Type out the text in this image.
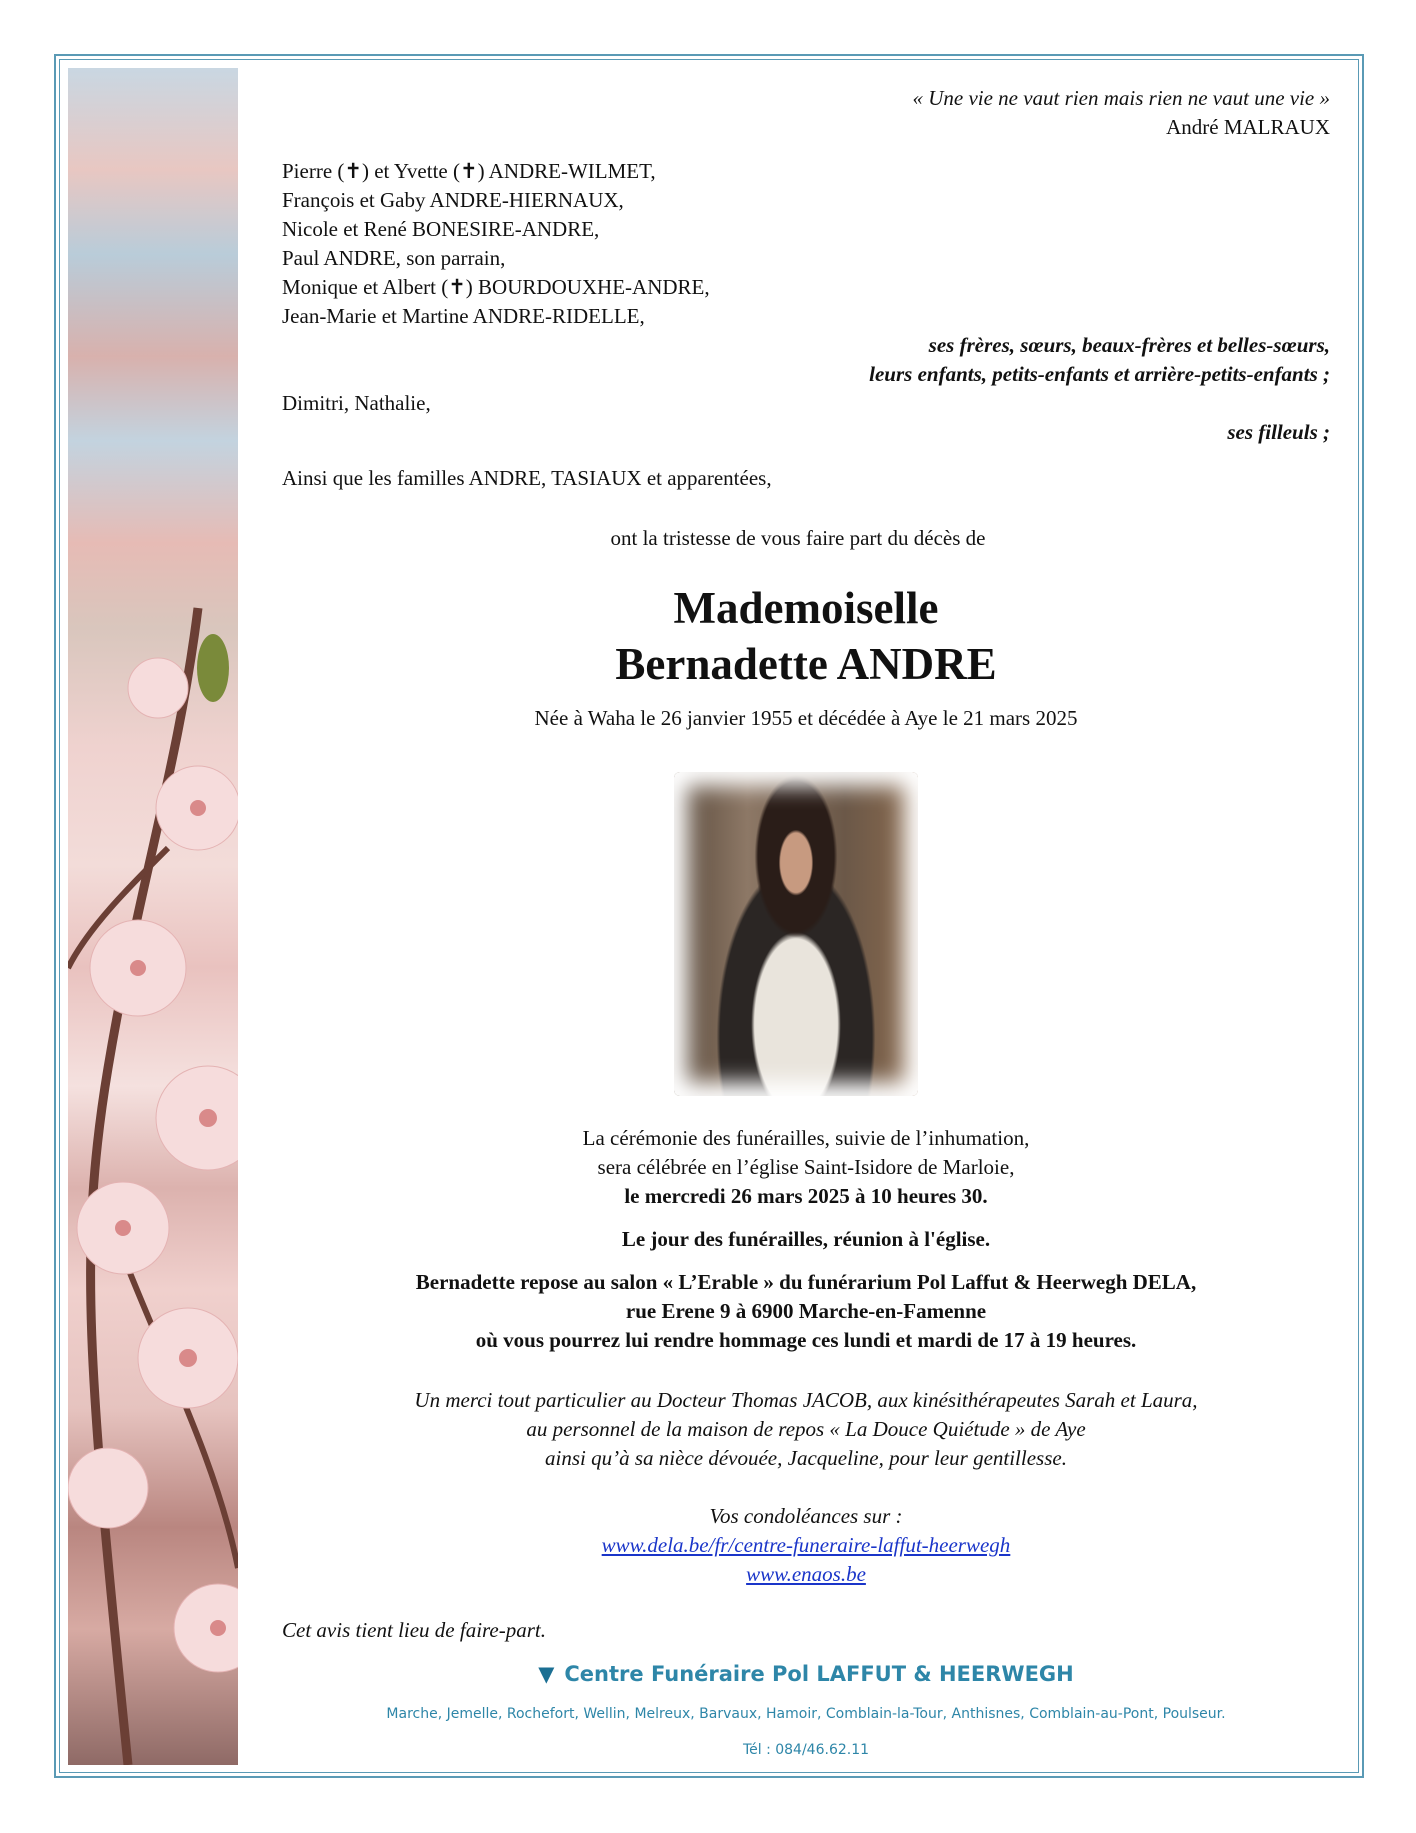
« Une vie ne vaut rien mais rien ne vaut une vie »
André MALRAUX
Pierre (✝) et Yvette (✝) ANDRE-WILMET,
François et Gaby ANDRE-HIERNAUX,
Nicole et René BONESIRE-ANDRE,
Paul ANDRE, son parrain,
Monique et Albert (✝) BOURDOUXHE-ANDRE,
Jean-Marie et Martine ANDRE-RIDELLE,
ses frères, sœurs, beaux-frères et belles-sœurs,
leurs enfants, petits-enfants et arrière-petits-enfants ;
Dimitri, Nathalie,
ses filleuls ;
Ainsi que les familles ANDRE, TASIAUX et apparentées,
ont la tristesse de vous faire part du décès de
Mademoiselle
Bernadette ANDRE
Née à Waha le 26 janvier 1955 et décédée à Aye le 21 mars 2025
La cérémonie des funérailles, suivie de l’inhumation,
sera célébrée en l’église Saint-Isidore de Marloie,
le mercredi 26 mars 2025 à 10 heures 30.
Le jour des funérailles, réunion à l'église.
Bernadette repose au salon « L’Erable » du funérarium Pol Laffut & Heerwegh DELA,
rue Erene 9 à 6900 Marche-en-Famenne
où vous pourrez lui rendre hommage ces lundi et mardi de 17 à 19 heures.
Un merci tout particulier au Docteur Thomas JACOB, aux kinésithérapeutes Sarah et Laura,
au personnel de la maison de repos « La Douce Quiétude » de Aye
ainsi qu’à sa nièce dévouée, Jacqueline, pour leur gentillesse.
Vos condoléances sur :
www.dela.be/fr/centre-funeraire-laffut-heerwegh
www.enaos.be
Cet avis tient lieu de faire-part.
▼ Centre Funéraire Pol LAFFUT & HEERWEGH
Marche, Jemelle, Rochefort, Wellin, Melreux, Barvaux, Hamoir, Comblain-la-Tour, Anthisnes, Comblain-au-Pont, Poulseur.
Tél : 084/46.62.11
